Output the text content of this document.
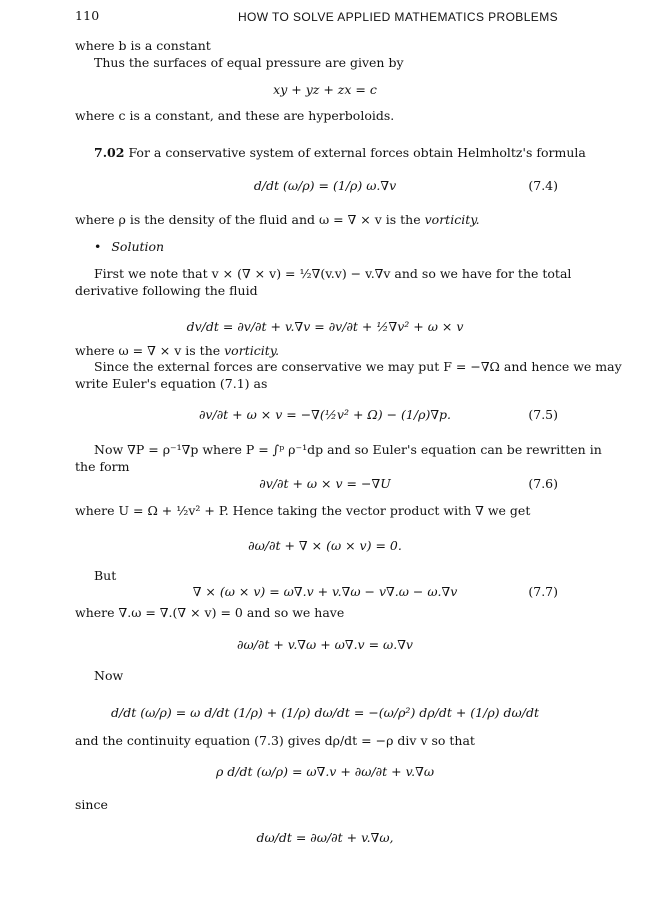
110	HOW TO SOLVE APPLIED MATHEMATICS PROBLEMS
where b is a constant
Thus the surfaces of equal pressure are given by
xy + yz + zx = c
where c is a constant, and these are hyperboloids.
7.02 For a conservative system of external forces obtain Helmholtz's formula
d/dt (ω/ρ) = (1/ρ) ω.∇v	(7.4)
where ρ is the density of the fluid and ω = ∇ × v is the vorticity.
• Solution
First we note that v × (∇ × v) = ½∇(v.v) − v.∇v and so we have for the total
derivative following the fluid
dv/dt = ∂v/∂t + v.∇v = ∂v/∂t + ½∇v² + ω × v
where ω = ∇ × v is the vorticity.
Since the external forces are conservative we may put F = −∇Ω and hence we may
write Euler's equation (7.1) as
∂v/∂t + ω × v = −∇(½v² + Ω) − (1/ρ)∇p.	(7.5)
Now ∇P = ρ⁻¹∇p where P = ∫ᵖ ρ⁻¹dp and so Euler's equation can be rewritten in
the form
∂v/∂t + ω × v = −∇U	(7.6)
where U = Ω + ½v² + P. Hence taking the vector product with ∇ we get
∂ω/∂t + ∇ × (ω × v) = 0.
But
∇ × (ω × v) = ω∇.v + v.∇ω − v∇.ω − ω.∇v	(7.7)
where ∇.ω = ∇.(∇ × v) = 0 and so we have
∂ω/∂t + v.∇ω + ω∇.v = ω.∇v
Now
d/dt (ω/ρ) = ω d/dt (1/ρ) + (1/ρ) dω/dt = −(ω/ρ²) dρ/dt + (1/ρ) dω/dt
and the continuity equation (7.3) gives dρ/dt = −ρ div v so that
ρ d/dt (ω/ρ) = ω∇.v + ∂ω/∂t + v.∇ω
since
dω/dt = ∂ω/∂t + v.∇ω,
